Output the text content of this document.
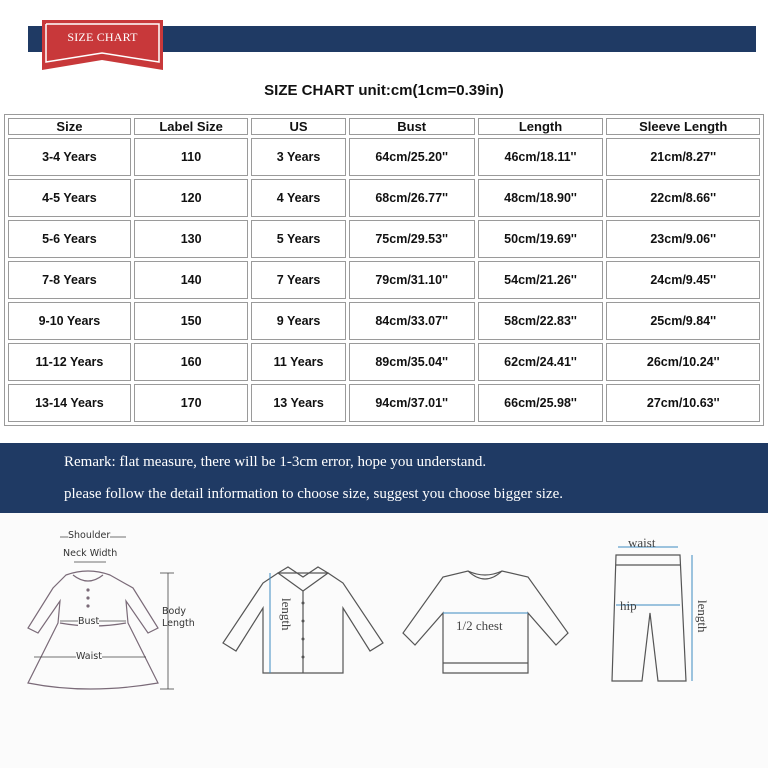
SIZE CHART
SIZE CHART unit:cm(1cm=0.39in)
Size	Label Size	US	Bust	Length	Sleeve Length
3-4 Years	110	3 Years	64cm/25.20''	46cm/18.11''	21cm/8.27''
4-5 Years	120	4 Years	68cm/26.77''	48cm/18.90''	22cm/8.66''
5-6 Years	130	5 Years	75cm/29.53''	50cm/19.69''	23cm/9.06''
7-8 Years	140	7 Years	79cm/31.10''	54cm/21.26''	24cm/9.45''
9-10 Years	150	9 Years	84cm/33.07''	58cm/22.83''	25cm/9.84''
11-12 Years	160	11 Years	89cm/35.04''	62cm/24.41''	26cm/10.24''
13-14 Years	170	13 Years	94cm/37.01''	66cm/25.98''	27cm/10.63''
Remark: flat measure, there will be 1-3cm error, hope you understand.
please follow the detail information to choose size, suggest you choose bigger size.
Shoulder
Neck Width
Bust
Waist
Body
Length	length	1/2 chest
waist
hip	length
